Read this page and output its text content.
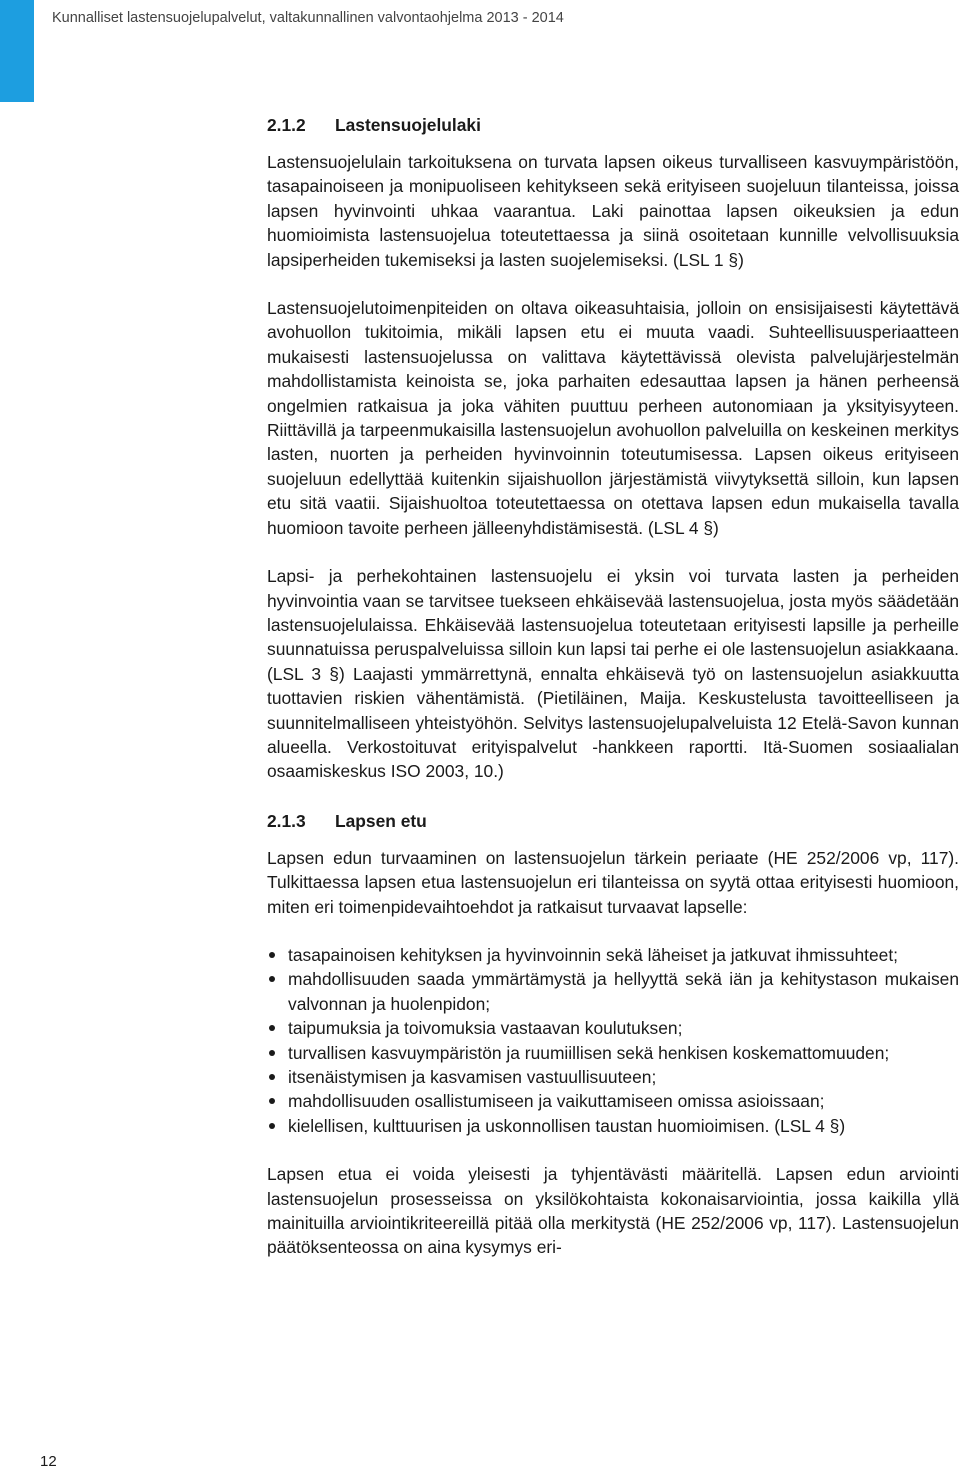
Kunnalliset lastensuojelupalvelut, valtakunnallinen valvontaohjelma 2013 - 2014
2.1.2 Lastensuojelulaki

Lastensuojelulain tarkoituksena on turvata lapsen oikeus turvalliseen kasvuympäristöön, tasapainoiseen ja monipuoliseen kehitykseen sekä erityiseen suojeluun tilanteissa, joissa lapsen hyvinvointi uhkaa vaarantua. Laki painottaa lapsen oikeuksien ja edun huomioimista lastensuojelua toteutettaessa ja siinä osoitetaan kunnille velvollisuuksia lapsiperheiden tukemiseksi ja lasten suojelemiseksi. (LSL 1 §)

Lastensuojelutoimenpiteiden on oltava oikeasuhtaisia, jolloin on ensisijaisesti käytettävä avohuollon tukitoimia, mikäli lapsen etu ei muuta vaadi. Suhteellisuusperiaatteen mukaisesti lastensuojelussa on valittava käytettävissä olevista palvelujärjestelmän mahdollistamista keinoista se, joka parhaiten edesauttaa lapsen ja hänen perheensä ongelmien ratkaisua ja joka vähiten puuttuu perheen autonomiaan ja yksityisyyteen. Riittävillä ja tarpeenmukaisilla lastensuojelun avohuollon palveluilla on keskeinen merkitys lasten, nuorten ja perheiden hyvinvoinnin toteutumisessa. Lapsen oikeus erityiseen suojeluun edellyttää kuitenkin sijaishuollon järjestämistä viivytyksettä silloin, kun lapsen etu sitä vaatii. Sijaishuoltoa toteutettaessa on otettava lapsen edun mukaisella tavalla huomioon tavoite perheen jälleenyhdistämisestä. (LSL 4 §)

Lapsi- ja perhekohtainen lastensuojelu ei yksin voi turvata lasten ja perheiden hyvinvointia vaan se tarvitsee tuekseen ehkäisevää lastensuojelua, josta myös säädetään lastensuojelulaissa. Ehkäisevää lastensuojelua toteutetaan erityisesti lapsille ja perheille suunnatuissa peruspalveluissa silloin kun lapsi tai perhe ei ole lastensuojelun asiakkaana. (LSL 3 §) Laajasti ymmärrettynä, ennalta ehkäisevä työ on lastensuojelun asiakkuutta tuottavien riskien vähentämistä. (Pietiläinen, Maija. Keskustelusta tavoitteelliseen ja suunnitelmalliseen yhteistyöhön. Selvitys lastensuojelupalveluista 12 Etelä-Savon kunnan alueella. Verkostoituvat erityispalvelut -hankkeen raportti. Itä-Suomen sosiaalialan osaamiskeskus ISO 2003, 10.)

2.1.3 Lapsen etu

Lapsen edun turvaaminen on lastensuojelun tärkein periaate (HE 252/2006 vp, 117). Tulkittaessa lapsen etua lastensuojelun eri tilanteissa on syytä ottaa erityisesti huomioon, miten eri toimenpidevaihtoehdot ja ratkaisut turvaavat lapselle:

tasapainoisen kehityksen ja hyvinvoinnin sekä läheiset ja jatkuvat ihmissuhteet;
mahdollisuuden saada ymmärtämystä ja hellyyttä sekä iän ja kehitystason mukaisen valvonnan ja huolenpidon;
taipumuksia ja toivomuksia vastaavan koulutuksen;
turvallisen kasvuympäristön ja ruumiillisen sekä henkisen koskemattomuuden;
itsenäistymisen ja kasvamisen vastuullisuuteen;
mahdollisuuden osallistumiseen ja vaikuttamiseen omissa asioissaan;
kielellisen, kulttuurisen ja uskonnollisen taustan huomioimisen. (LSL 4 §)

Lapsen etua ei voida yleisesti ja tyhjentävästi määritellä. Lapsen edun arviointi lastensuojelun prosesseissa on yksilökohtaista kokonaisarviointia, jossa kaikilla yllä mainituilla arviointikriteereillä pitää olla merkitystä (HE 252/2006 vp, 117). Lastensuojelun päätöksenteossa on aina kysymys eri-

12
